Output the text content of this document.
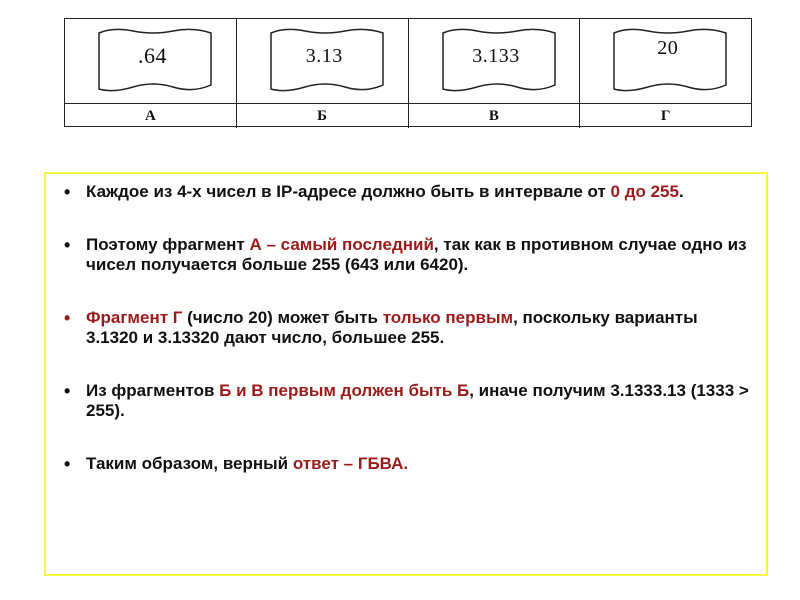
.64	3.13	3.133	20
А	Б	В	Г
• Каждое из 4-х чисел в IP-адресе должно быть в интервале от 0 до 255.
• Поэтому фрагмент А – самый последний, так как в противном случае одно из чисел получается больше 255 (643 или 6420).
• Фрагмент Г (число 20) может быть только первым, поскольку варианты 3.1320 и 3.13320 дают число, большее 255.
• Из фрагментов Б и В первым должен быть Б, иначе получим 3.1333.13 (1333 > 255).
• Таким образом, верный ответ – ГБВА.
